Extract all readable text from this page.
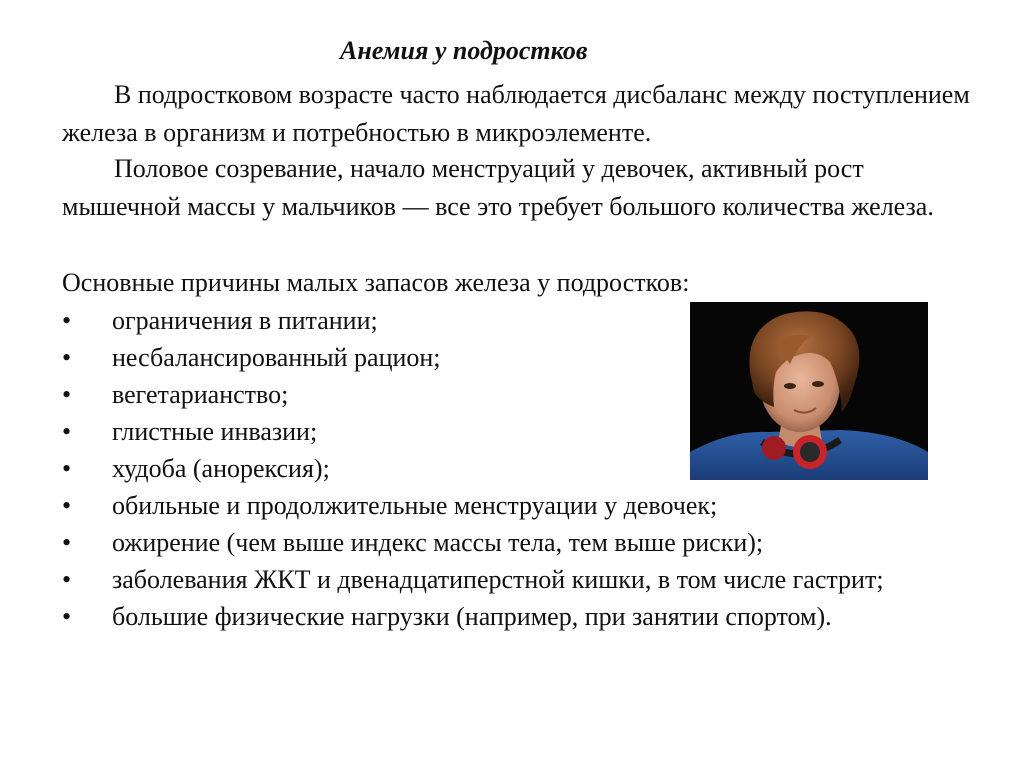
Анемия у подростков
В подростковом возрасте часто наблюдается дисбаланс между поступлением железа в организм и потребностью в микроэлементе.
Половое созревание, начало менструаций у девочек, активный рост мышечной массы у мальчиков — все это требует большого количества железа.
Основные причины малых запасов железа у подростков:
• ограничения в питании;
• несбалансированный рацион;
• вегетарианство;
• глистные инвазии;
• худоба (анорексия);
• обильные и продолжительные менструации у девочек;
• ожирение (чем выше индекс массы тела, тем выше риски);
• заболевания ЖКТ и двенадцатиперстной кишки, в том числе гастрит;
• большие физические нагрузки (например, при занятии спортом).
